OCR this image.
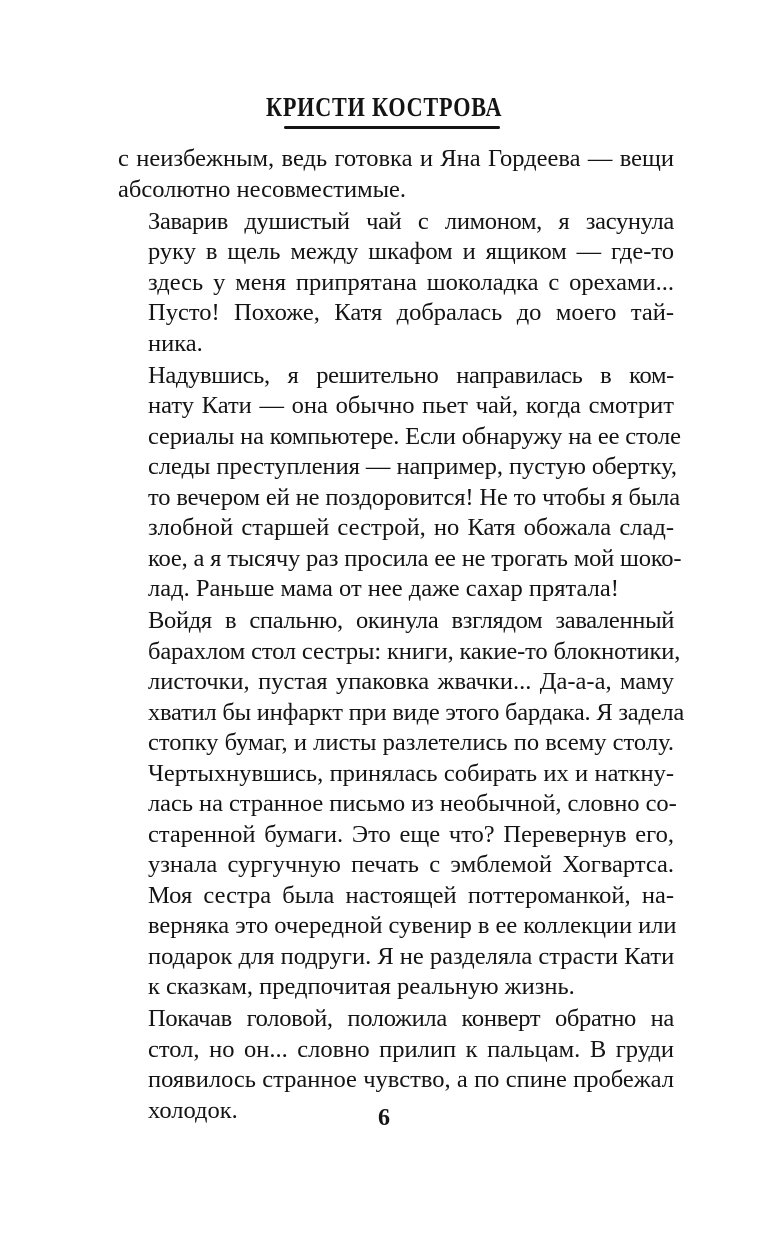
КРИСТИ КОСТРОВА

с неизбежным, ведь готовка и Яна Гордеева — вещи
абсолютно несовместимые.

Заварив душистый чай с лимоном, я засунула
руку в щель между шкафом и ящиком — где-то
здесь у меня припрятана шоколадка с орехами...
Пусто! Похоже, Катя добралась до моего тай-
ника.

Надувшись, я решительно направилась в ком-
нату Кати — она обычно пьет чай, когда смотрит
сериалы на компьютере. Если обнаружу на ее столе
следы преступления — например, пустую обертку,
то вечером ей не поздоровится! Не то чтобы я была
злобной старшей сестрой, но Катя обожала слад-
кое, а я тысячу раз просила ее не трогать мой шоко-
лад. Раньше мама от нее даже сахар прятала!

Войдя в спальню, окинула взглядом заваленный
барахлом стол сестры: книги, какие-то блокнотики,
листочки, пустая упаковка жвачки... Да-а-а, маму
хватил бы инфаркт при виде этого бардака. Я задела
стопку бумаг, и листы разлетелись по всему столу.
Чертыхнувшись, принялась собирать их и наткну-
лась на странное письмо из необычной, словно со-
старенной бумаги. Это еще что? Перевернув его,
узнала сургучную печать с эмблемой Хогвартса.
Моя сестра была настоящей поттероманкой, на-
верняка это очередной сувенир в ее коллекции или
подарок для подруги. Я не разделяла страсти Кати
к сказкам, предпочитая реальную жизнь.

Покачав головой, положила конверт обратно на
стол, но он... словно прилип к пальцам. В груди
появилось странное чувство, а по спине пробежал
холодок.	6
